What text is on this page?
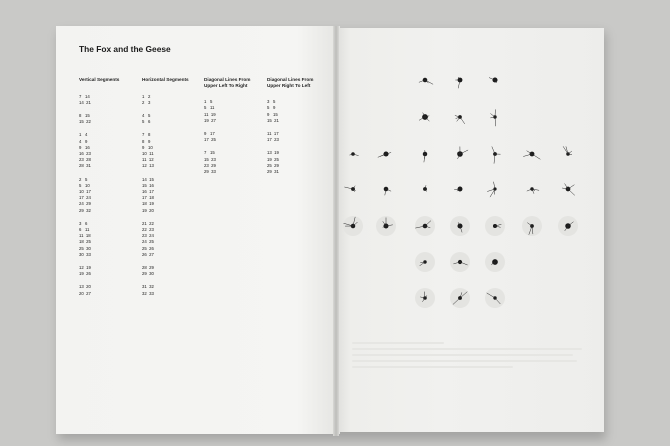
The Fox and the Geese
Vertical Segments
7   14
14  21
8   15
15  22
1   4
4   9
9   16
16  23
23  28
28  31
2   5
5   10
10  17
17  24
24  29
29  32
3   6
6   11
11  18
18  25
25  30
30  33
12  19
19  26
13  20
20  27
Horizontal Segments
1   2
2   3
4   5
5   6
7   8
8   9
9   10
10  11
11  12
12  13
14  15
15  16
16  17
17  18
18  19
19  20
21  22
22  23
23  24
24  25
25  26
26  27
28  29
29  30
31  32
32  33
Diagonal Lines From
Upper Left To Right
1   5
5   11
11  19
19  27
9   17
17  25
7   15
15  23
23  29
29  33
Diagonal Lines From
Upper Right To Left
3   5
5   9
9   15
15  21
11  17
17  23
13  19
19  25
25  29
29  31
